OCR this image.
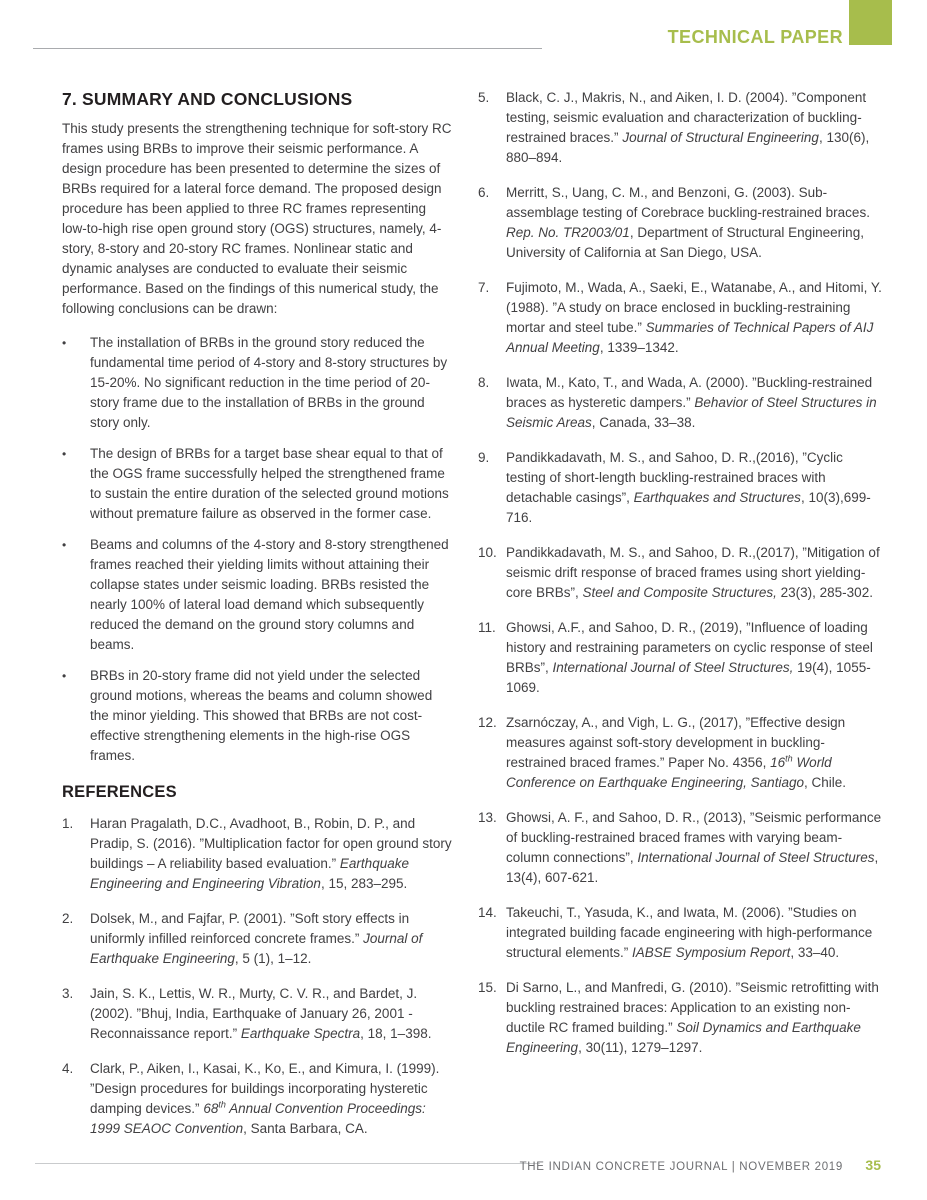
TECHNICAL PAPER
7. SUMMARY AND CONCLUSIONS

This study presents the strengthening technique for soft-story RC frames using BRBs to improve their seismic performance. A design procedure has been presented to determine the sizes of BRBs required for a lateral force demand. The proposed design procedure has been applied to three RC frames representing low-to-high rise open ground story (OGS) structures, namely, 4-story, 8-story and 20-story RC frames. Nonlinear static and dynamic analyses are conducted to evaluate their seismic performance. Based on the findings of this numerical study, the following conclusions can be drawn:

•	The installation of BRBs in the ground story reduced the fundamental time period of 4-story and 8-story structures by 15-20%. No significant reduction in the time period of 20-story frame due to the installation of BRBs in the ground story only.
•	The design of BRBs for a target base shear equal to that of the OGS frame successfully helped the strengthened frame to sustain the entire duration of the selected ground motions without premature failure as observed in the former case.
•	Beams and columns of the 4-story and 8-story strengthened frames reached their yielding limits without attaining their collapse states under seismic loading. BRBs resisted the nearly 100% of lateral load demand which subsequently reduced the demand on the ground story columns and beams.
•	BRBs in 20-story frame did not yield under the selected ground motions, whereas the beams and column showed the minor yielding. This showed that BRBs are not cost-effective strengthening elements in the high-rise OGS frames.
REFERENCES
1.	Haran Pragalath, D.C., Avadhoot, B., Robin, D. P., and Pradip, S. (2016). ”Multiplication factor for open ground story buildings – A reliability based evaluation.” Earthquake Engineering and Engineering Vibration, 15, 283–295.
2.	Dolsek, M., and Fajfar, P. (2001). ”Soft story effects in uniformly infilled reinforced concrete frames.” Journal of Earthquake Engineering, 5 (1), 1–12.
3.	Jain, S. K., Lettis, W. R., Murty, C. V. R., and Bardet, J. (2002). ”Bhuj, India, Earthquake of January 26, 2001 - Reconnaissance report.” Earthquake Spectra, 18, 1–398.
4.	Clark, P., Aiken, I., Kasai, K., Ko, E., and Kimura, I. (1999). ”Design procedures for buildings incorporating hysteretic damping devices.” 68th Annual Convention Proceedings: 1999 SEAOC Convention, Santa Barbara, CA.
5.	Black, C. J., Makris, N., and Aiken, I. D. (2004). ”Component testing, seismic evaluation and characterization of buckling-restrained braces.” Journal of Structural Engineering, 130(6), 880–894.
6.	Merritt, S., Uang, C. M., and Benzoni, G. (2003). Sub-assemblage testing of Corebrace buckling-restrained braces. Rep. No. TR2003/01, Department of Structural Engineering, University of California at San Diego, USA.
7.	Fujimoto, M., Wada, A., Saeki, E., Watanabe, A., and Hitomi, Y. (1988). ”A study on brace enclosed in buckling-restraining mortar and steel tube.” Summaries of Technical Papers of AIJ Annual Meeting, 1339–1342.
8.	Iwata, M., Kato, T., and Wada, A. (2000). ”Buckling-restrained braces as hysteretic dampers.” Behavior of Steel Structures in Seismic Areas, Canada, 33–38.
9.	Pandikkadavath, M. S., and Sahoo, D. R.,(2016), ”Cyclic testing of short-length buckling-restrained braces with detachable casings”, Earthquakes and Structures, 10(3),699-716.
10. Pandikkadavath, M. S., and Sahoo, D. R.,(2017), ”Mitigation of seismic drift response of braced frames using short yielding-core BRBs”, Steel and Composite Structures, 23(3), 285-302.
11. Ghowsi, A.F., and Sahoo, D. R., (2019), ”Influence of loading history and restraining parameters on cyclic response of steel BRBs”, International Journal of Steel Structures, 19(4), 1055-1069.
12. Zsarnóczay, A., and Vigh, L. G., (2017), ”Effective design measures against soft-story development in buckling-restrained braced frames.” Paper No. 4356, 16th World Conference on Earthquake Engineering, Santiago, Chile.
13. Ghowsi, A. F., and Sahoo, D. R., (2013), ”Seismic performance of buckling-restrained braced frames with varying beam-column connections”, International Journal of Steel Structures, 13(4), 607-621.
14. Takeuchi, T., Yasuda, K., and Iwata, M. (2006). ”Studies on integrated building facade engineering with high-performance structural elements.” IABSE Symposium Report, 33–40.
15. Di Sarno, L., and Manfredi, G. (2010). ”Seismic retrofitting with buckling restrained braces: Application to an existing non-ductile RC framed building.” Soil Dynamics and Earthquake Engineering, 30(11), 1279–1297.
THE INDIAN CONCRETE JOURNAL | NOVEMBER 2019 35
